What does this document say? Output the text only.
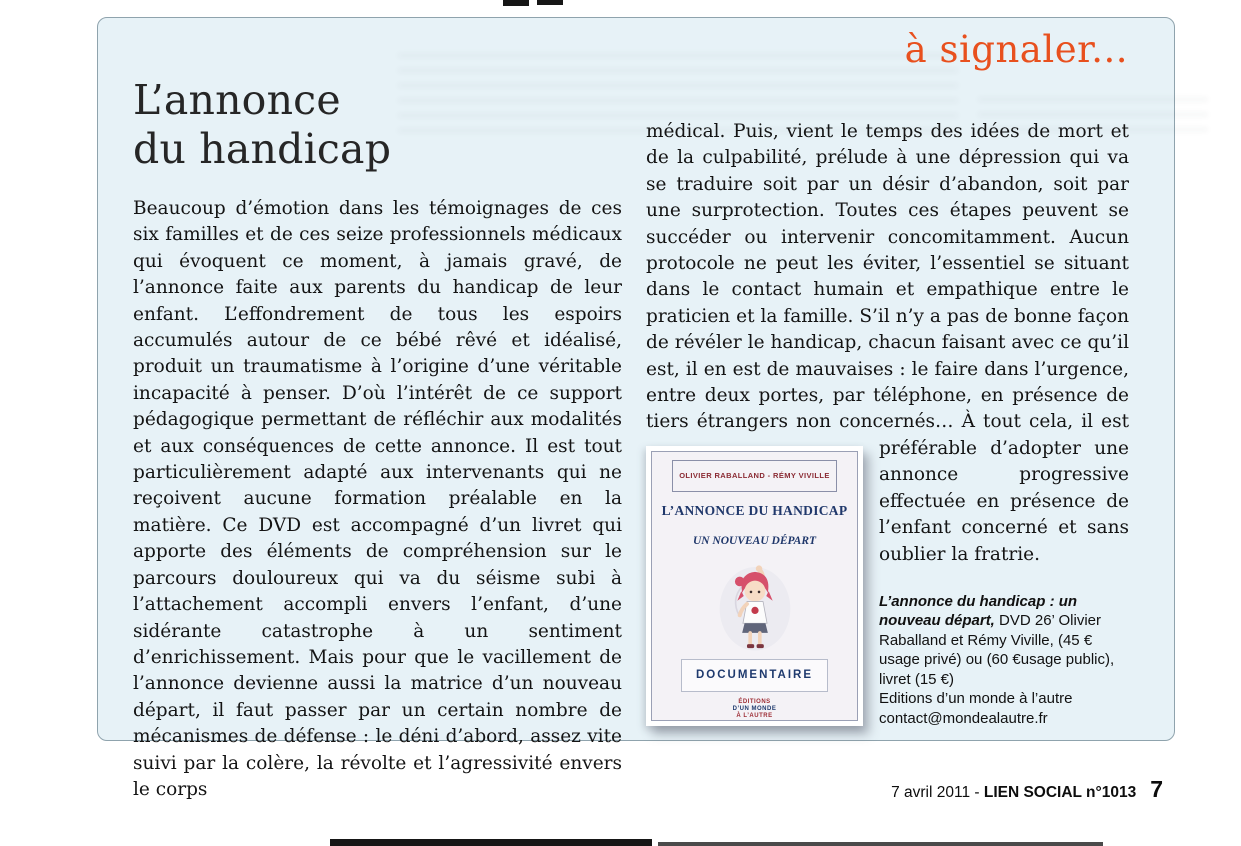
à signaler...
L’annonce
du handicap
Beaucoup d’émotion dans les témoignages de ces six familles et de ces seize professionnels médicaux qui évoquent ce moment, à jamais gravé, de l’annonce faite aux parents du handicap de leur enfant. L’effondrement de tous les espoirs accumulés autour de ce bébé rêvé et idéalisé, produit un traumatisme à l’origine d’une véritable incapacité à penser. D’où l’intérêt de ce support pédagogique permettant de réfléchir aux modalités et aux conséquences de cette annonce. Il est tout particulièrement adapté aux intervenants qui ne reçoivent aucune formation préalable en la matière. Ce DVD est accompagné d’un livret qui apporte des éléments de compréhension sur le parcours douloureux qui va du séisme subi à l’attachement accompli envers l’enfant, d’une sidérante catastrophe à un sentiment d’enrichissement. Mais pour que le vacillement de l’annonce devienne aussi la matrice d’un nouveau départ, il faut passer par un certain nombre de mécanismes de défense : le déni d’abord, assez vite suivi par la colère, la révolte et l’agressivité envers le corps
médical. Puis, vient le temps des idées de mort et de la culpabilité, prélude à une dépression qui va se traduire soit par un désir d’abandon, soit par une surprotection. Toutes ces étapes peuvent se succéder ou intervenir concomitamment. Aucun protocole ne peut les éviter, l’essentiel se situant dans le contact humain et empathique entre le praticien et la famille. S’il n’y a pas de bonne façon de révéler le handicap, chacun faisant avec ce qu’il est, il en est de mauvaises : le faire dans l’urgence, entre deux portes, par téléphone, en présence de tiers étrangers non concernés… À tout
OLIVIER RABALLAND - RÉMY VIVILLE
L’ANNONCE DU HANDICAP
UN NOUVEAU DÉPART
DOCUMENTAIRE
ÉDITIONS
D’UN MONDE
À L’AUTRE
cela, il est préférable d’adopter une annonce progressive effectuée en présence de l’enfant concerné et sans oublier la fratrie.
L’annonce du handicap : un nouveau départ, DVD 26’ Olivier Raballand et Rémy Viville, (45 € usage privé) ou (60 €usage public), livret (15 €)
Editions d’un monde à l’autre
contact@mondealautre.fr
7 avril 2011 - LIEN SOCIAL n°1013 7
